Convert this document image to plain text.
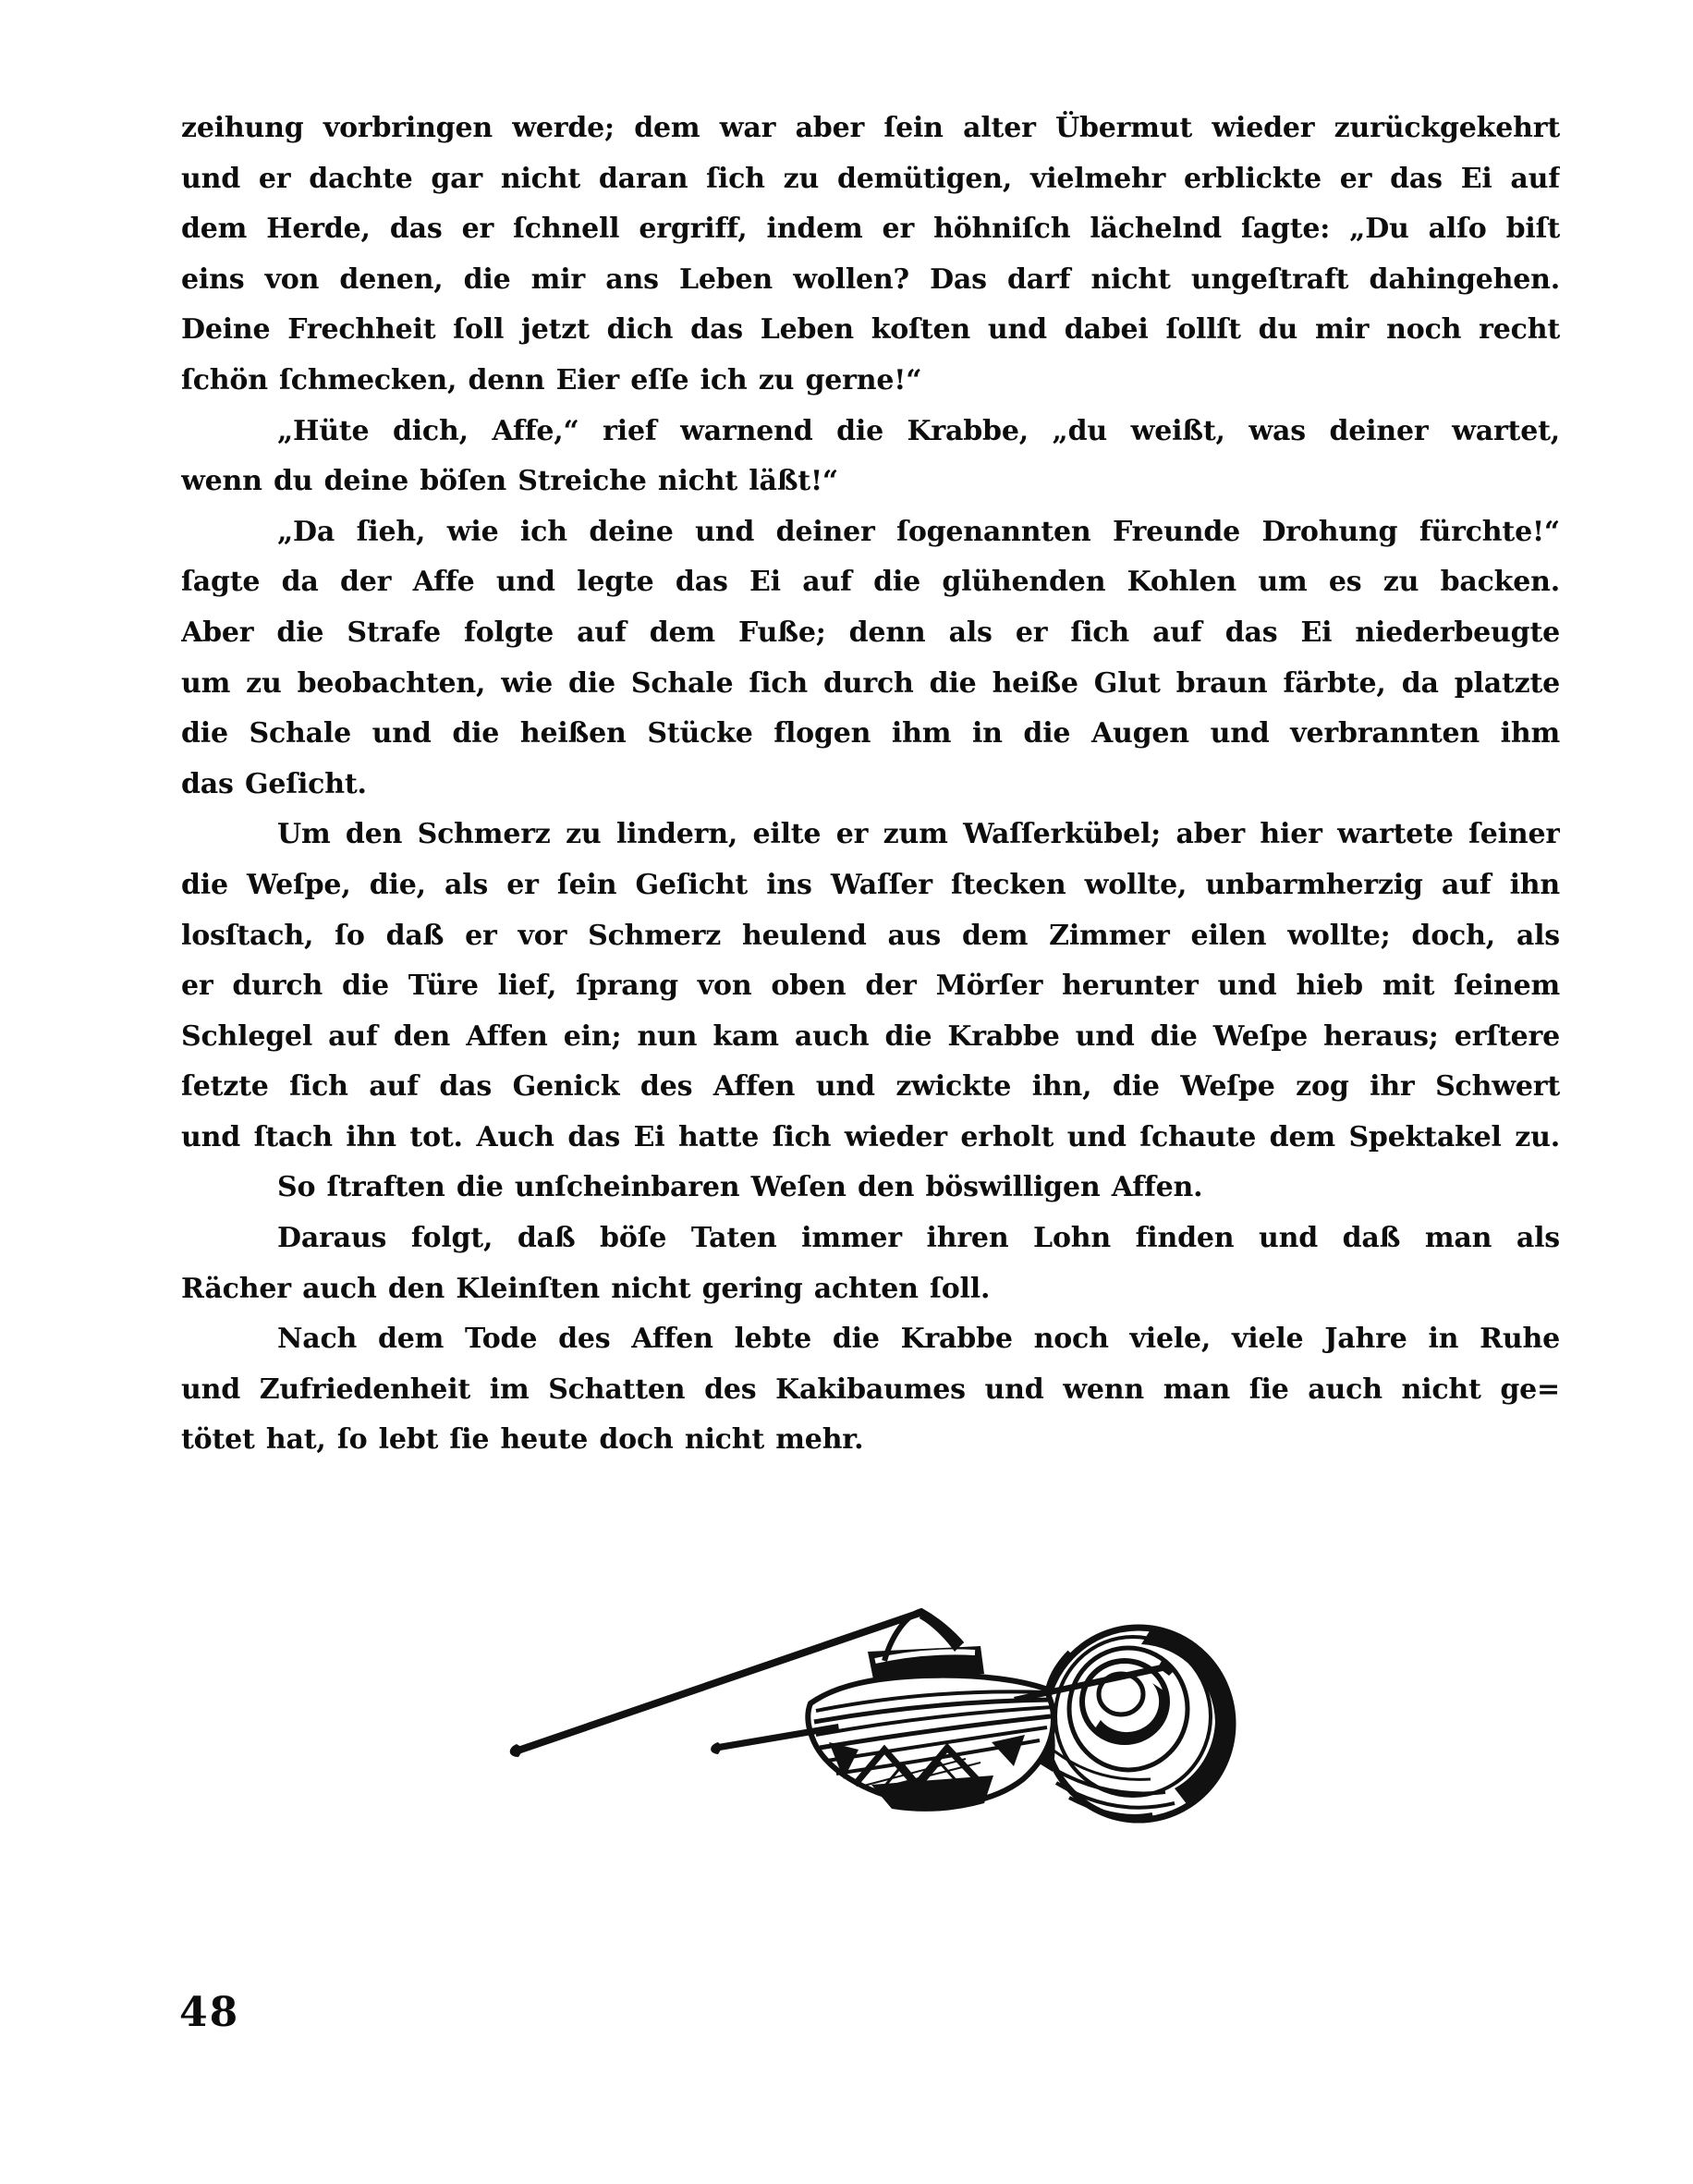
zeihung vorbringen werde; dem war aber ſein alter Übermut wieder zurückgekehrt
und er dachte gar nicht daran ſich zu demütigen, vielmehr erblickte er das Ei auf
dem Herde, das er ſchnell ergriff, indem er höhniſch lächelnd ſagte: „Du alſo biſt
eins von denen, die mir ans Leben wollen? Das darf nicht ungeſtraft dahingehen.
Deine Frechheit ſoll jetzt dich das Leben koſten und dabei ſollſt du mir noch recht
ſchön ſchmecken, denn Eier eſſe ich zu gerne!“
„Hüte dich, Affe,“ rief warnend die Krabbe, „du weißt, was deiner wartet,
wenn du deine böſen Streiche nicht läßt!“
„Da ſieh, wie ich deine und deiner ſogenannten Freunde Drohung fürchte!“
ſagte da der Affe und legte das Ei auf die glühenden Kohlen um es zu backen.
Aber die Strafe folgte auf dem Fuße; denn als er ſich auf das Ei niederbeugte
um zu beobachten, wie die Schale ſich durch die heiße Glut braun färbte, da platzte
die Schale und die heißen Stücke flogen ihm in die Augen und verbrannten ihm
das Geſicht.
Um den Schmerz zu lindern, eilte er zum Waſſerkübel; aber hier wartete ſeiner
die Weſpe, die, als er ſein Geſicht ins Waſſer ſtecken wollte, unbarmherzig auf ihn
losſtach, ſo daß er vor Schmerz heulend aus dem Zimmer eilen wollte; doch, als
er durch die Türe lief, ſprang von oben der Mörſer herunter und hieb mit ſeinem
Schlegel auf den Affen ein; nun kam auch die Krabbe und die Weſpe heraus; erſtere
ſetzte ſich auf das Genick des Affen und zwickte ihn, die Weſpe zog ihr Schwert
und ſtach ihn tot. Auch das Ei hatte ſich wieder erholt und ſchaute dem Spektakel zu.
So ſtraften die unſcheinbaren Weſen den böswilligen Affen.
Daraus folgt, daß böſe Taten immer ihren Lohn finden und daß man als
Rächer auch den Kleinſten nicht gering achten ſoll.
Nach dem Tode des Affen lebte die Krabbe noch viele, viele Jahre in Ruhe
und Zufriedenheit im Schatten des Kakibaumes und wenn man ſie auch nicht ge=
tötet hat, ſo lebt ſie heute doch nicht mehr.
48
